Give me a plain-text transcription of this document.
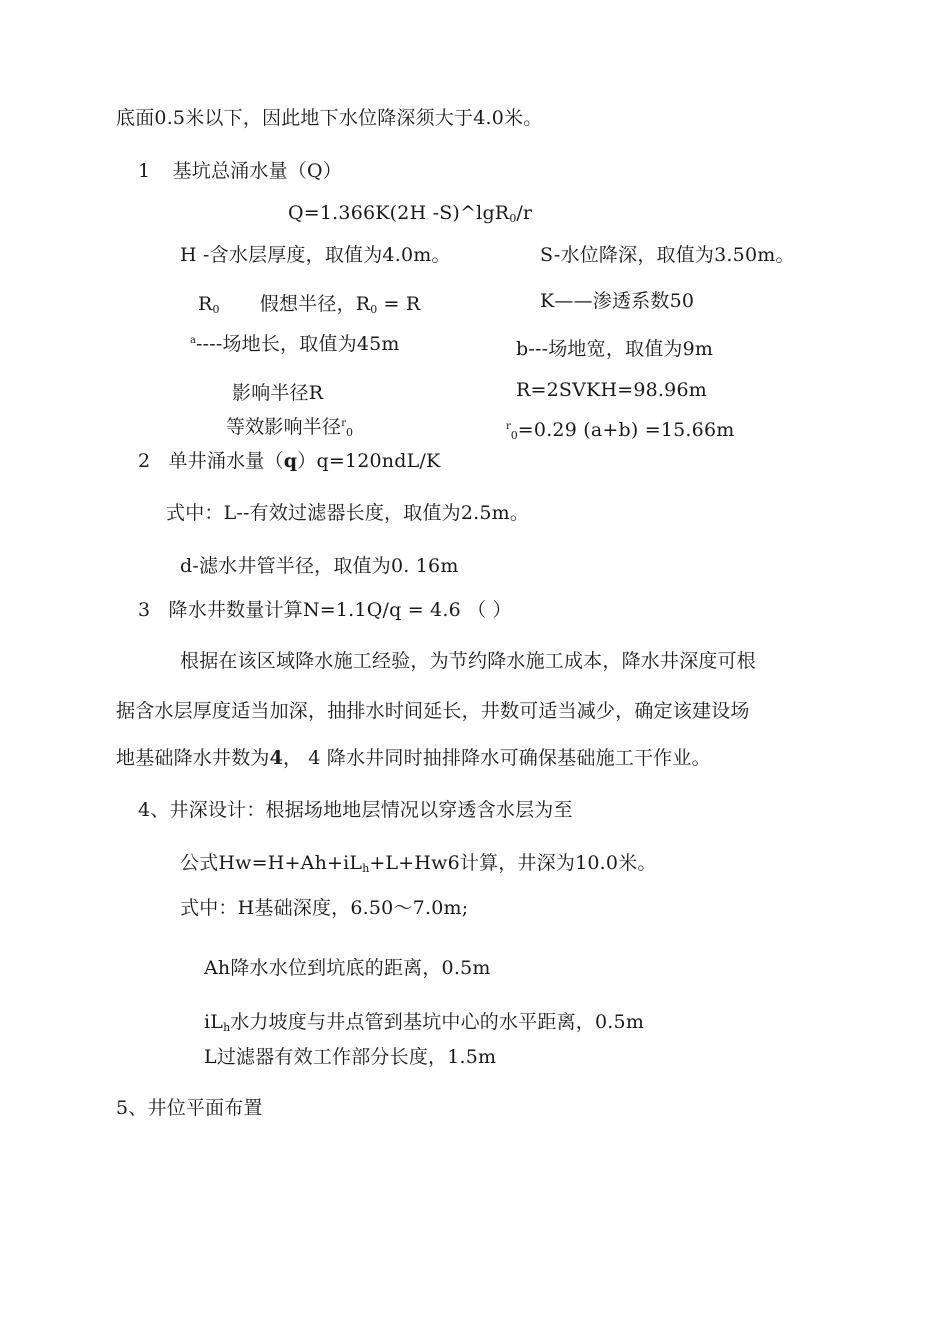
底面0.5米以下，因此地下水位降深须大于4.0米。
1 基坑总涌水量（Q）
Q=1.366K(2H -S)^lgR$_0$/r
H -含水层厚度，取值为4.0m。	S-水位降深，取值为3.50m。
$R_0$ 假想半径，$R_0 = R$	K——渗透系数50
$^a$----场地长，取值为45m	b---场地宽，取值为9m
影响半径R	R=2SVKH=98.96m
等效影响半径$^r_0$	$^r_0$=0.29 (a+b) =15.66m
2 单井涌水量（q）q=120ndL/K
式中：L--有效过滤器长度，取值为2.5m。
d-滤水井管半径，取值为0. 16m
3 降水井数量计算N=1.1Q/q = 4.6 （ ）
根据在该区域降水施工经验，为节约降水施工成本，降水井深度可根
据含水层厚度适当加深，抽排水时间延长，井数可适当减少，确定该建设场
地基础降水井数为4， 4 降水井同时抽排降水可确保基础施工干作业。
4、井深设计：根据场地地层情况以穿透含水层为至
公式$Hw=H+Ah+iL_h+L+Hw6$计算，井深为10.0米。
式中：H基础深度，6.50〜7.0m;
Ah降水水位到坑底的距离，0.5m
$iL_h$水力坡度与井点管到基坑中心的水平距离，0.5m
L过滤器有效工作部分长度，1.5m
5、井位平面布置
